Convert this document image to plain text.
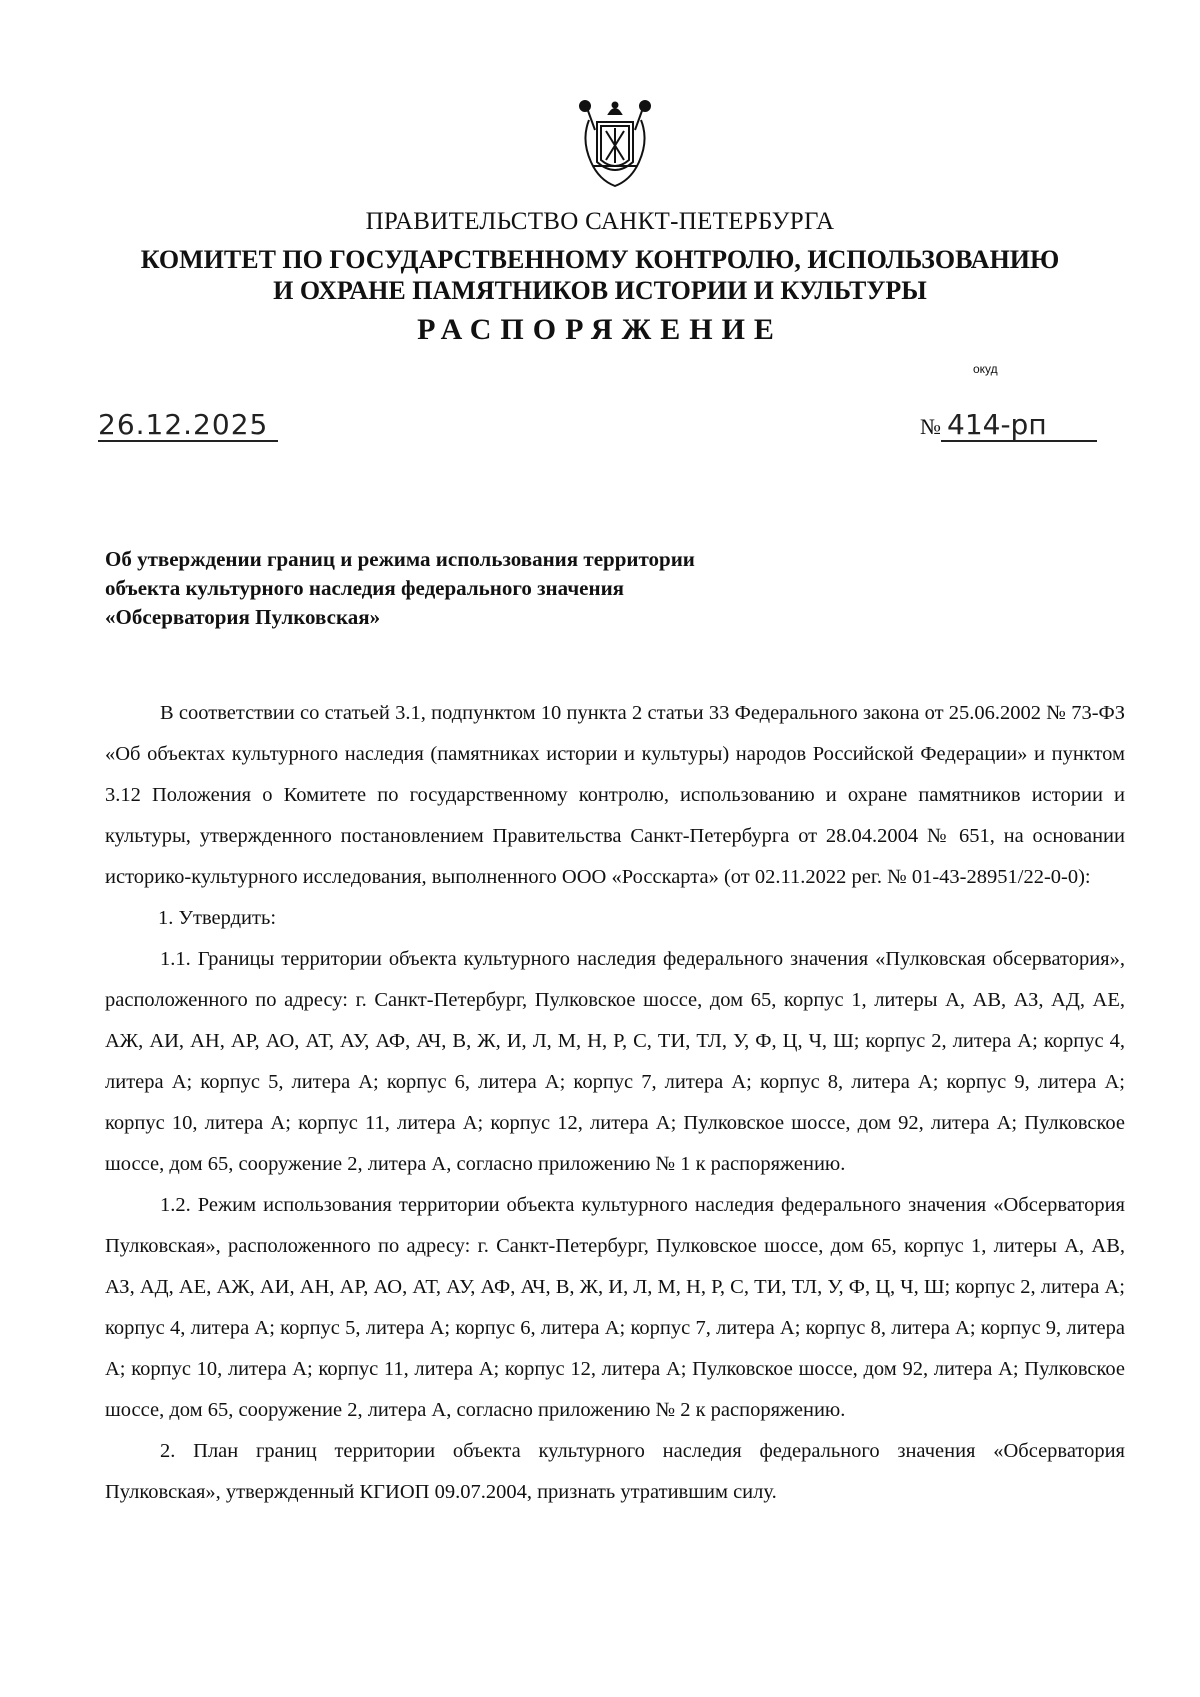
ПРАВИТЕЛЬСТВО САНКТ-ПЕТЕРБУРГА
КОМИТЕТ ПО ГОСУДАРСТВЕННОМУ КОНТРОЛЮ, ИСПОЛЬЗОВАНИЮ
И ОХРАНЕ ПАМЯТНИКОВ ИСТОРИИ И КУЛЬТУРЫ
РАСПОРЯЖЕНИЕ
окуд
26.12.2025	№ 414-рп
Об утверждении границ и режима использования территории
объекта культурного наследия федерального значения
«Обсерватория Пулковская»

В соответствии со статьей 3.1, подпунктом 10 пункта 2 статьи 33 Федерального закона от 25.06.2002 № 73-ФЗ «Об объектах культурного наследия (памятниках истории и культуры) народов Российской Федерации» и пунктом 3.12 Положения о Комитете по государственному контролю, использованию и охране памятников истории и культуры, утвержденного постановлением Правительства Санкт-Петербурга от 28.04.2004 № 651, на основании историко-культурного исследования, выполненного ООО «Росскарта» (от 02.11.2022 рег. № 01-43-28951/22-0-0):

1. Утвердить:

1.1. Границы территории объекта культурного наследия федерального значения «Пулковская обсерватория», расположенного по адресу: г. Санкт-Петербург, Пулковское шоссе, дом 65, корпус 1, литеры А, АВ, АЗ, АД, АЕ, АЖ, АИ, АН, АР, АО, АТ, АУ, АФ, АЧ, В, Ж, И, Л, М, Н, Р, С, ТИ, ТЛ, У, Ф, Ц, Ч, Ш; корпус 2, литера А; корпус 4, литера А; корпус 5, литера А; корпус 6, литера А; корпус 7, литера А; корпус 8, литера А; корпус 9, литера А; корпус 10, литера А; корпус 11, литера А; корпус 12, литера А; Пулковское шоссе, дом 92, литера А; Пулковское шоссе, дом 65, сооружение 2, литера А, согласно приложению № 1 к распоряжению.

1.2. Режим использования территории объекта культурного наследия федерального значения «Обсерватория Пулковская», расположенного по адресу: г. Санкт-Петербург, Пулковское шоссе, дом 65, корпус 1, литеры А, АВ, АЗ, АД, АЕ, АЖ, АИ, АН, АР, АО, АТ, АУ, АФ, АЧ, В, Ж, И, Л, М, Н, Р, С, ТИ, ТЛ, У, Ф, Ц, Ч, Ш; корпус 2, литера А; корпус 4, литера А; корпус 5, литера А; корпус 6, литера А; корпус 7, литера А; корпус 8, литера А; корпус 9, литера А; корпус 10, литера А; корпус 11, литера А; корпус 12, литера А; Пулковское шоссе, дом 92, литера А; Пулковское шоссе, дом 65, сооружение 2, литера А, согласно приложению № 2 к распоряжению.

2. План границ территории объекта культурного наследия федерального значения «Обсерватория Пулковская», утвержденный КГИОП 09.07.2004, признать утратившим силу.
